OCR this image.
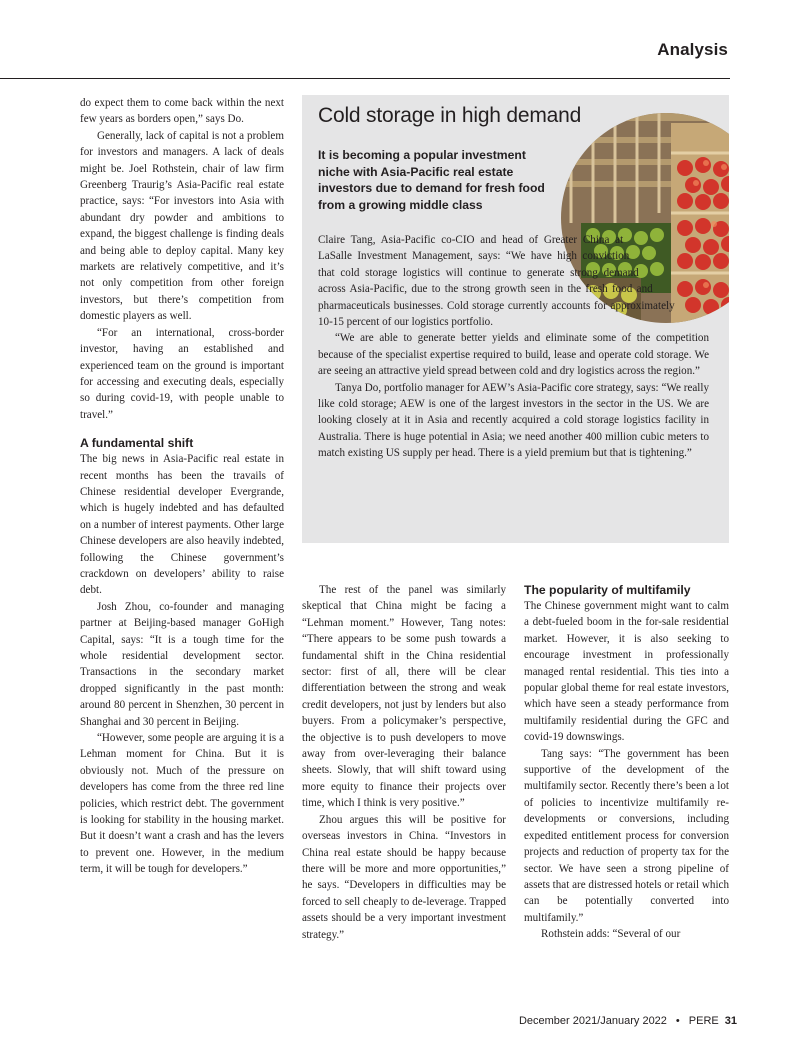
Analysis

do expect them to come back within the next few years as borders open,” says Do.

Generally, lack of capital is not a problem for investors and managers. A lack of deals might be. Joel Rothstein, chair of law firm Greenberg Traurig’s Asia-Pacific real estate practice, says: “For investors into Asia with abundant dry powder and ambitions to expand, the biggest challenge is finding deals and being able to deploy capital. Many key markets are relatively competitive, and it’s not only competition from other foreign investors, but there’s competition from domestic players as well.

“For an international, cross-border investor, having an established and experienced team on the ground is important for accessing and executing deals, especially so during covid-19, with people unable to travel.”

A fundamental shift

The big news in Asia-Pacific real estate in recent months has been the travails of Chinese residential developer Evergrande, which is hugely indebted and has defaulted on a number of interest payments. Other large Chinese developers are also heavily indebted, following the Chinese government’s crackdown on developers’ ability to raise debt.

Josh Zhou, co-founder and managing partner at Beijing-based manager GoHigh Capital, says: “It is a tough time for the whole residential development sector. Transactions in the secondary market dropped significantly in the past month: around 80 percent in Shenzhen, 30 percent in Shanghai and 30 percent in Beijing.

“However, some people are arguing it is a Lehman moment for China. But it is obviously not. Much of the pressure on developers has come from the three red line policies, which restrict debt. The government is looking for stability in the housing market. But it doesn’t want a crash and has the levers to prevent one. However, in the medium term, it will be tough for developers.”

Cold storage in high demand
It is becoming a popular investment niche with Asia-Pacific real estate investors due to demand for fresh food from a growing middle class

Claire Tang, Asia-Pacific co-CIO and head of Greater China at LaSalle Investment Management, says: “We have high conviction that cold storage logistics will continue to generate strong demand across Asia-Pacific, due to the strong growth seen in the fresh food and pharmaceuticals businesses. Cold storage currently accounts for approximately 10-15 percent of our logistics portfolio.

“We are able to generate better yields and eliminate some of the competition because of the specialist expertise required to build, lease and operate cold storage. We are seeing an attractive yield spread between cold and dry logistics across the region.”

Tanya Do, portfolio manager for AEW’s Asia-Pacific core strategy, says: “We really like cold storage; AEW is one of the largest investors in the sector in the US. We are looking closely at it in Asia and recently acquired a cold storage logistics facility in Australia. There is huge potential in Asia; we need another 400 million cubic meters to match existing US supply per head. There is a yield premium but that is tightening.”

The rest of the panel was similarly skeptical that China might be facing a “Lehman moment.” However, Tang notes: “There appears to be some push towards a fundamental shift in the China residential sector: first of all, there will be clear differentiation between the strong and weak credit developers, not just by lenders but also buyers. From a policymaker’s perspective, the objective is to push developers to move away from over-leveraging their balance sheets. Slowly, that will shift toward using more equity to finance their projects over time, which I think is very positive.”

Zhou argues this will be positive for overseas investors in China. “Investors in China real estate should be happy because there will be more and more opportunities,” he says. “Developers in difficulties may be forced to sell cheaply to de-leverage. Trapped assets should be a very important investment strategy.”

The popularity of multifamily

The Chinese government might want to calm a debt-fueled boom in the for-sale residential market. However, it is also seeking to encourage investment in professionally managed rental residential. This ties into a popular global theme for real estate investors, which have seen a steady performance from multifamily residential during the GFC and covid-19 downswings.

Tang says: “The government has been supportive of the development of the multifamily sector. Recently there’s been a lot of policies to incentivize multifamily re-developments or conversions, including expedited entitlement process for conversion projects and reduction of property tax for the sector. We have seen a strong pipeline of assets that are distressed hotels or retail which can be potentially converted into multifamily.”

Rothstein adds: “Several of our

December 2021/January 2022 • PERE 31
